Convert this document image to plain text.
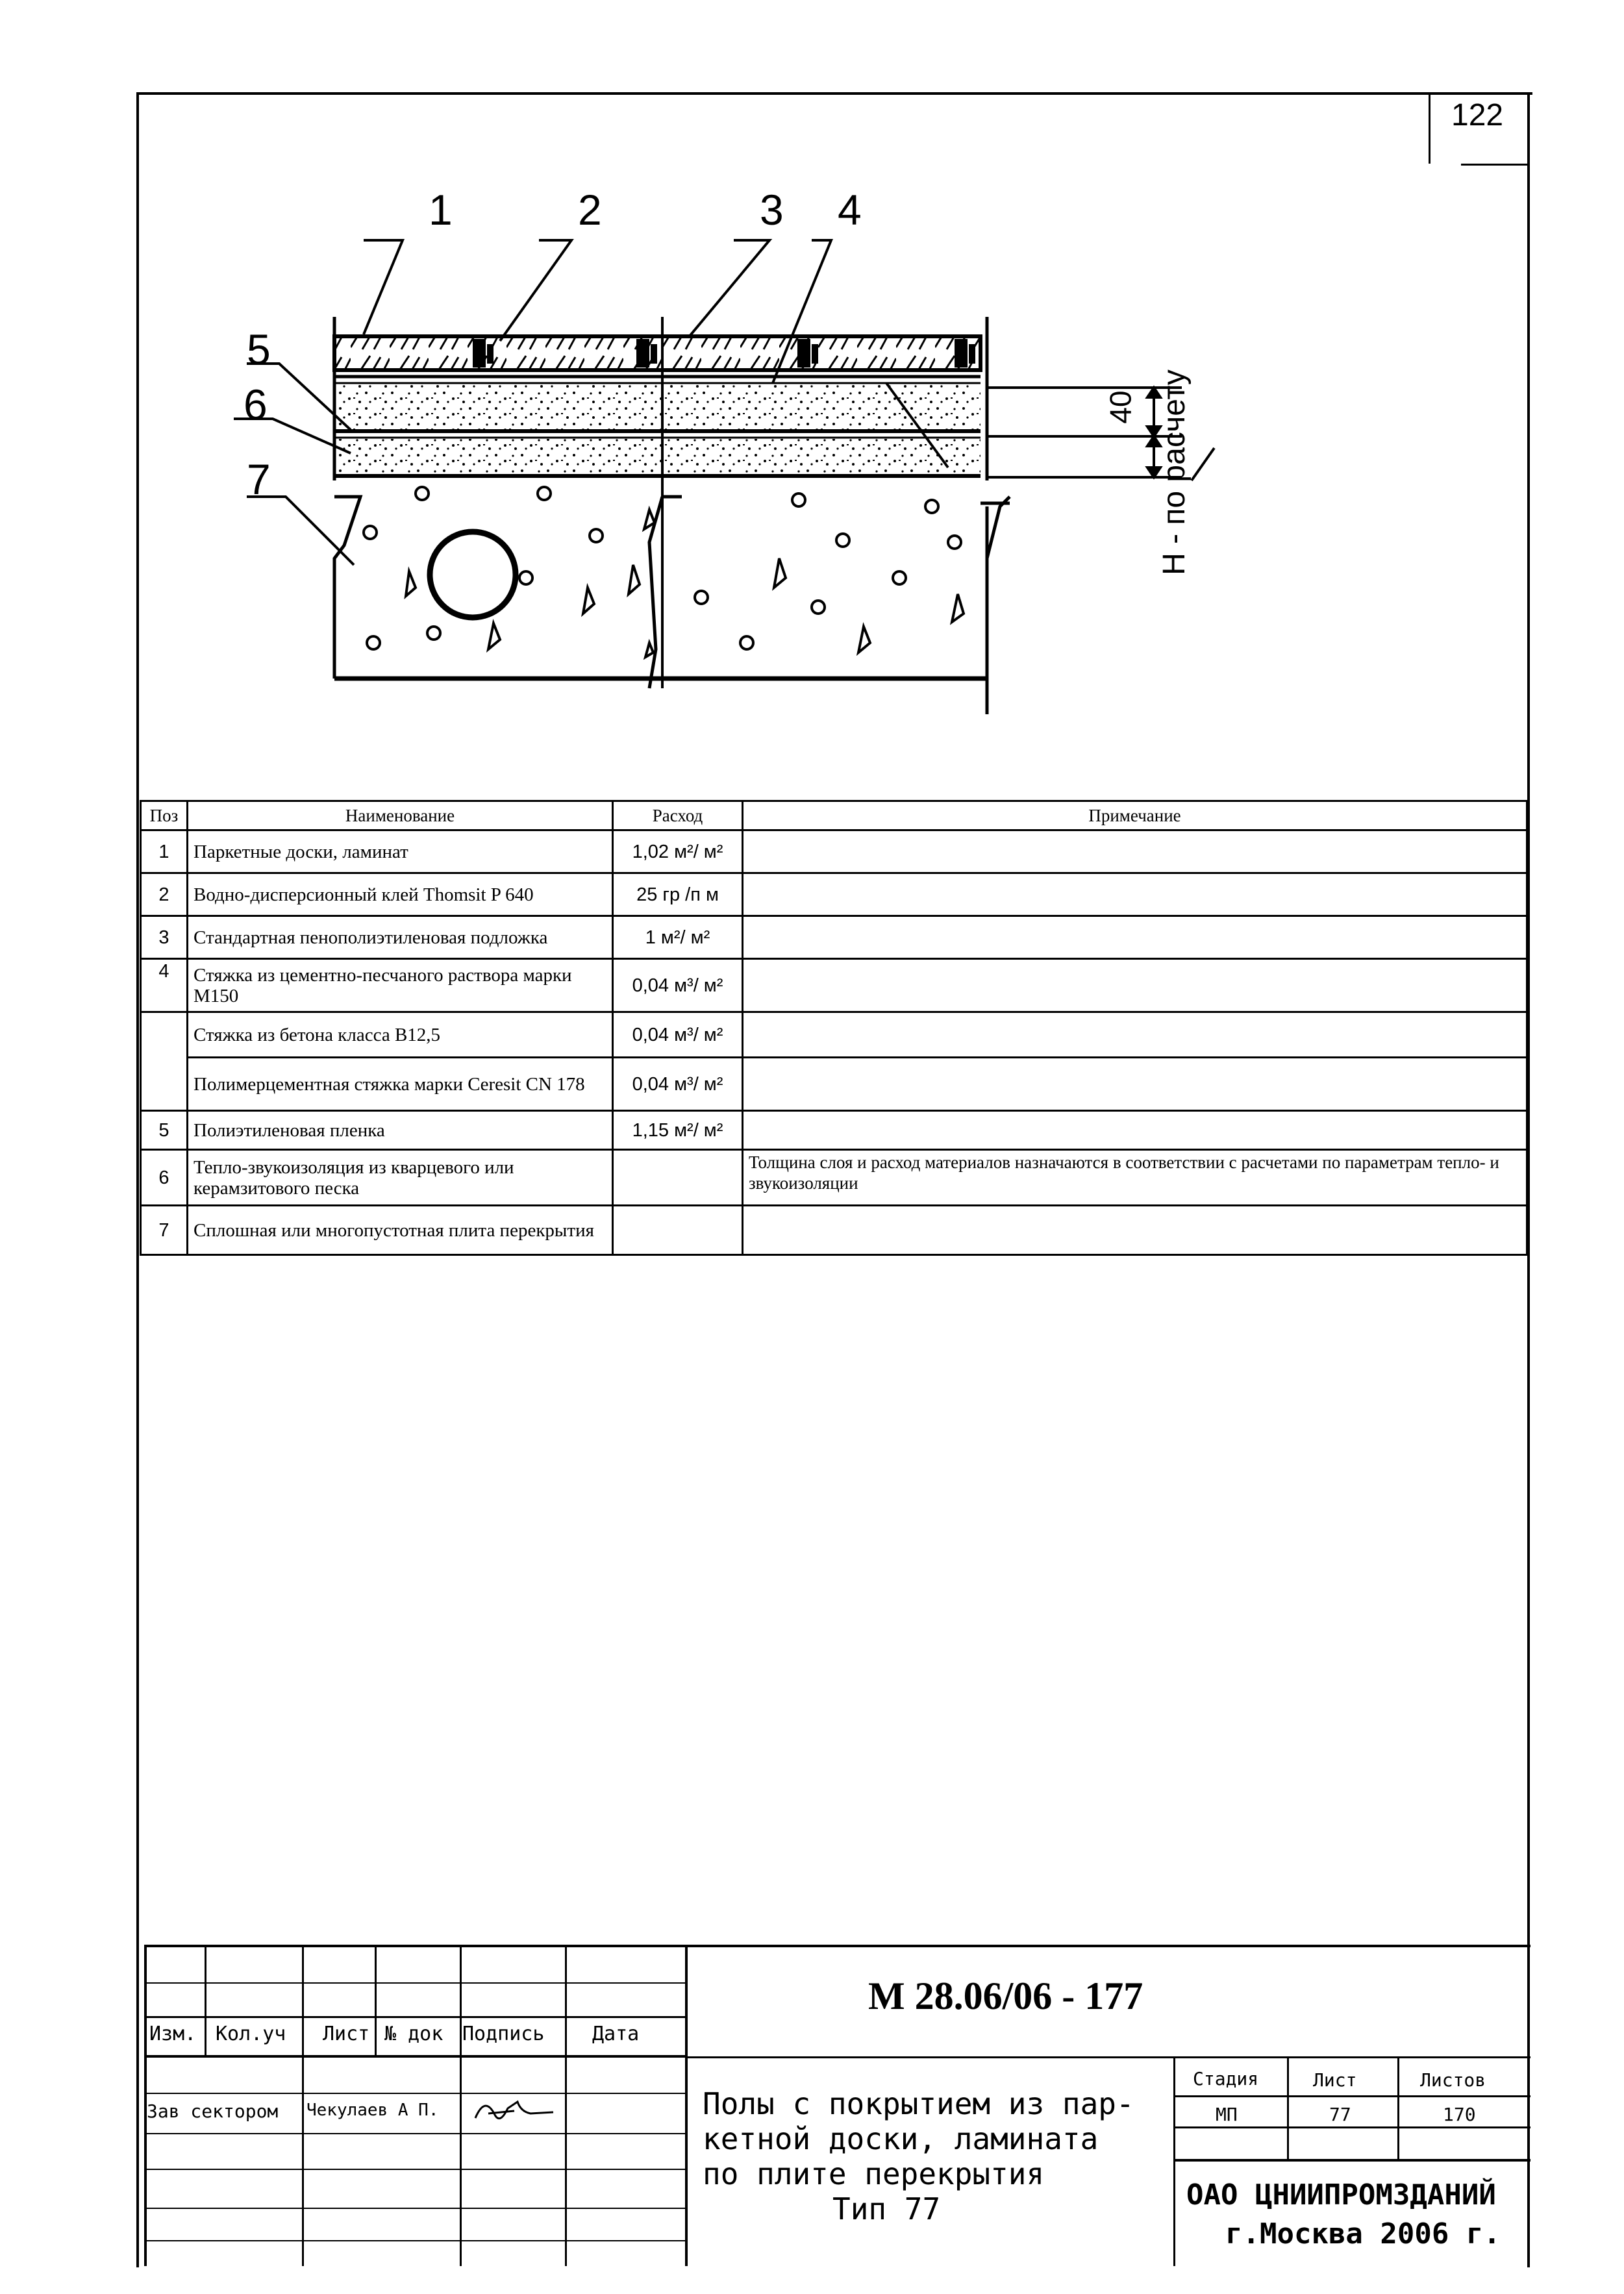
122
1	2	3 4
5
6
7
40 H - по расчету
Поз	Наименование	Расход	Примечание
1	Паркетные доски, ламинат	1,02 м²/ м²	
2	Водно-дисперсионный клей Thomsit P 640	25 гр /п м	
3	Стандартная пенополиэтиленовая подложка	1 м²/ м²	
4	Стяжка из цементно-песчаного раствора марки М150	0,04 м³/ м²	
	Стяжка из бетона класса В12,5	0,04 м³/ м²	
	Полимерцементная стяжка марки Ceresit CN 178	0,04 м³/ м²	
5	Полиэтиленовая пленка	1,15 м²/ м²	
6	Тепло-звукоизоляция из кварцевого или керамзитового песка		Толщина слоя и расход материалов назначаются в соответствии с расчетами по параметрам тепло- и звукоизоляции
7	Сплошная или многопустотная плита перекрытия		
Изм. Кол.уч Лист № док Подпись Дата
Зав сектором Чекулаев А П.
М 28.06/06 - 177
Полы с покрытием из пар-
кетной доски, ламината
по плите перекрытия
Тип 77
Стадия	Лист	Листов
МП	77	170
ОАО ЦНИИПРОМЗДАНИЙ
г.Москва 2006 г.
